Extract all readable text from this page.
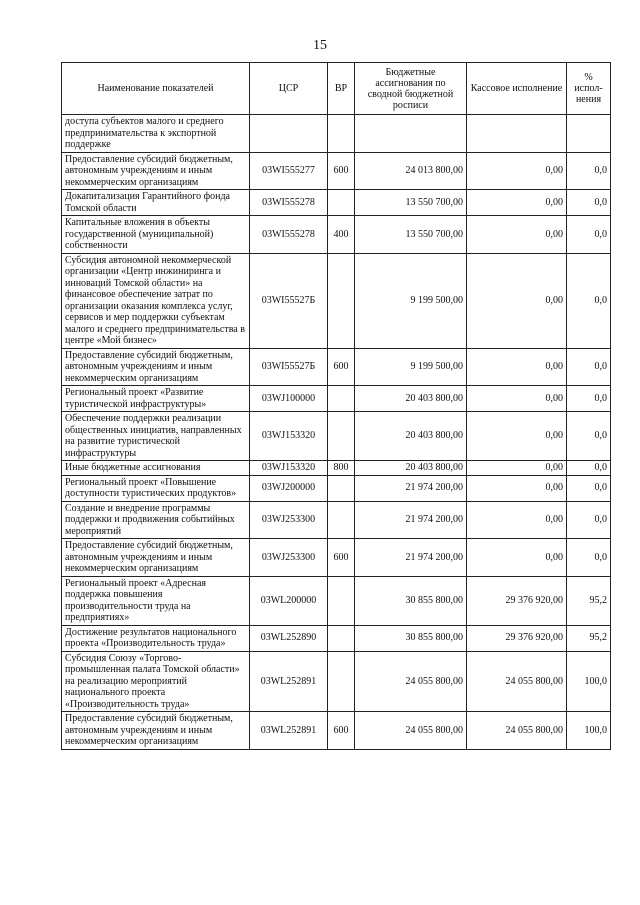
15
Наименование показателей	ЦСР	ВР	Бюджетные ассигнования по сводной бюджетной росписи	Кассовое исполнение	% испол-нения
доступа субъектов малого и среднего предпринимательства к экспортной поддержке					
Предоставление субсидий бюджетным, автономным учреждениям и иным некоммерческим организациям	03WI555277	600	24 013 800,00	0,00	0,0
Докапитализация Гарантийного фонда Томской области	03WI555278		13 550 700,00	0,00	0,0
Капитальные вложения в объекты государственной (муниципальной) собственности	03WI555278	400	13 550 700,00	0,00	0,0
Субсидия автономной некоммерческой организации «Центр инжиниринга и инноваций Томской области» на финансовое обеспечение затрат по организации оказания комплекса услуг, сервисов и мер поддержки субъектам малого и среднего предпринимательства в центре «Мой бизнес»	03WI55527Б		9 199 500,00	0,00	0,0
Предоставление субсидий бюджетным, автономным учреждениям и иным некоммерческим организациям	03WI55527Б	600	9 199 500,00	0,00	0,0
Региональный проект «Развитие туристической инфраструктуры»	03WJ100000		20 403 800,00	0,00	0,0
Обеспечение поддержки реализации общественных инициатив, направленных на развитие туристической инфраструктуры	03WJ153320		20 403 800,00	0,00	0,0
Иные бюджетные ассигнования	03WJ153320	800	20 403 800,00	0,00	0,0
Региональный проект «Повышение доступности туристических продуктов»	03WJ200000		21 974 200,00	0,00	0,0
Создание и внедрение программы поддержки и продвижения событийных мероприятий	03WJ253300		21 974 200,00	0,00	0,0
Предоставление субсидий бюджетным, автономным учреждениям и иным некоммерческим организациям	03WJ253300	600	21 974 200,00	0,00	0,0
Региональный проект «Адресная поддержка повышения производительности труда на предприятиях»	03WL200000		30 855 800,00	29 376 920,00	95,2
Достижение результатов национального проекта «Производительность труда»	03WL252890		30 855 800,00	29 376 920,00	95,2
Субсидия Союзу «Торгово-промышленная палата Томской области» на реализацию мероприятий национального проекта «Производительность труда»	03WL252891		24 055 800,00	24 055 800,00	100,0
Предоставление субсидий бюджетным, автономным учреждениям и иным некоммерческим организациям	03WL252891	600	24 055 800,00	24 055 800,00	100,0
